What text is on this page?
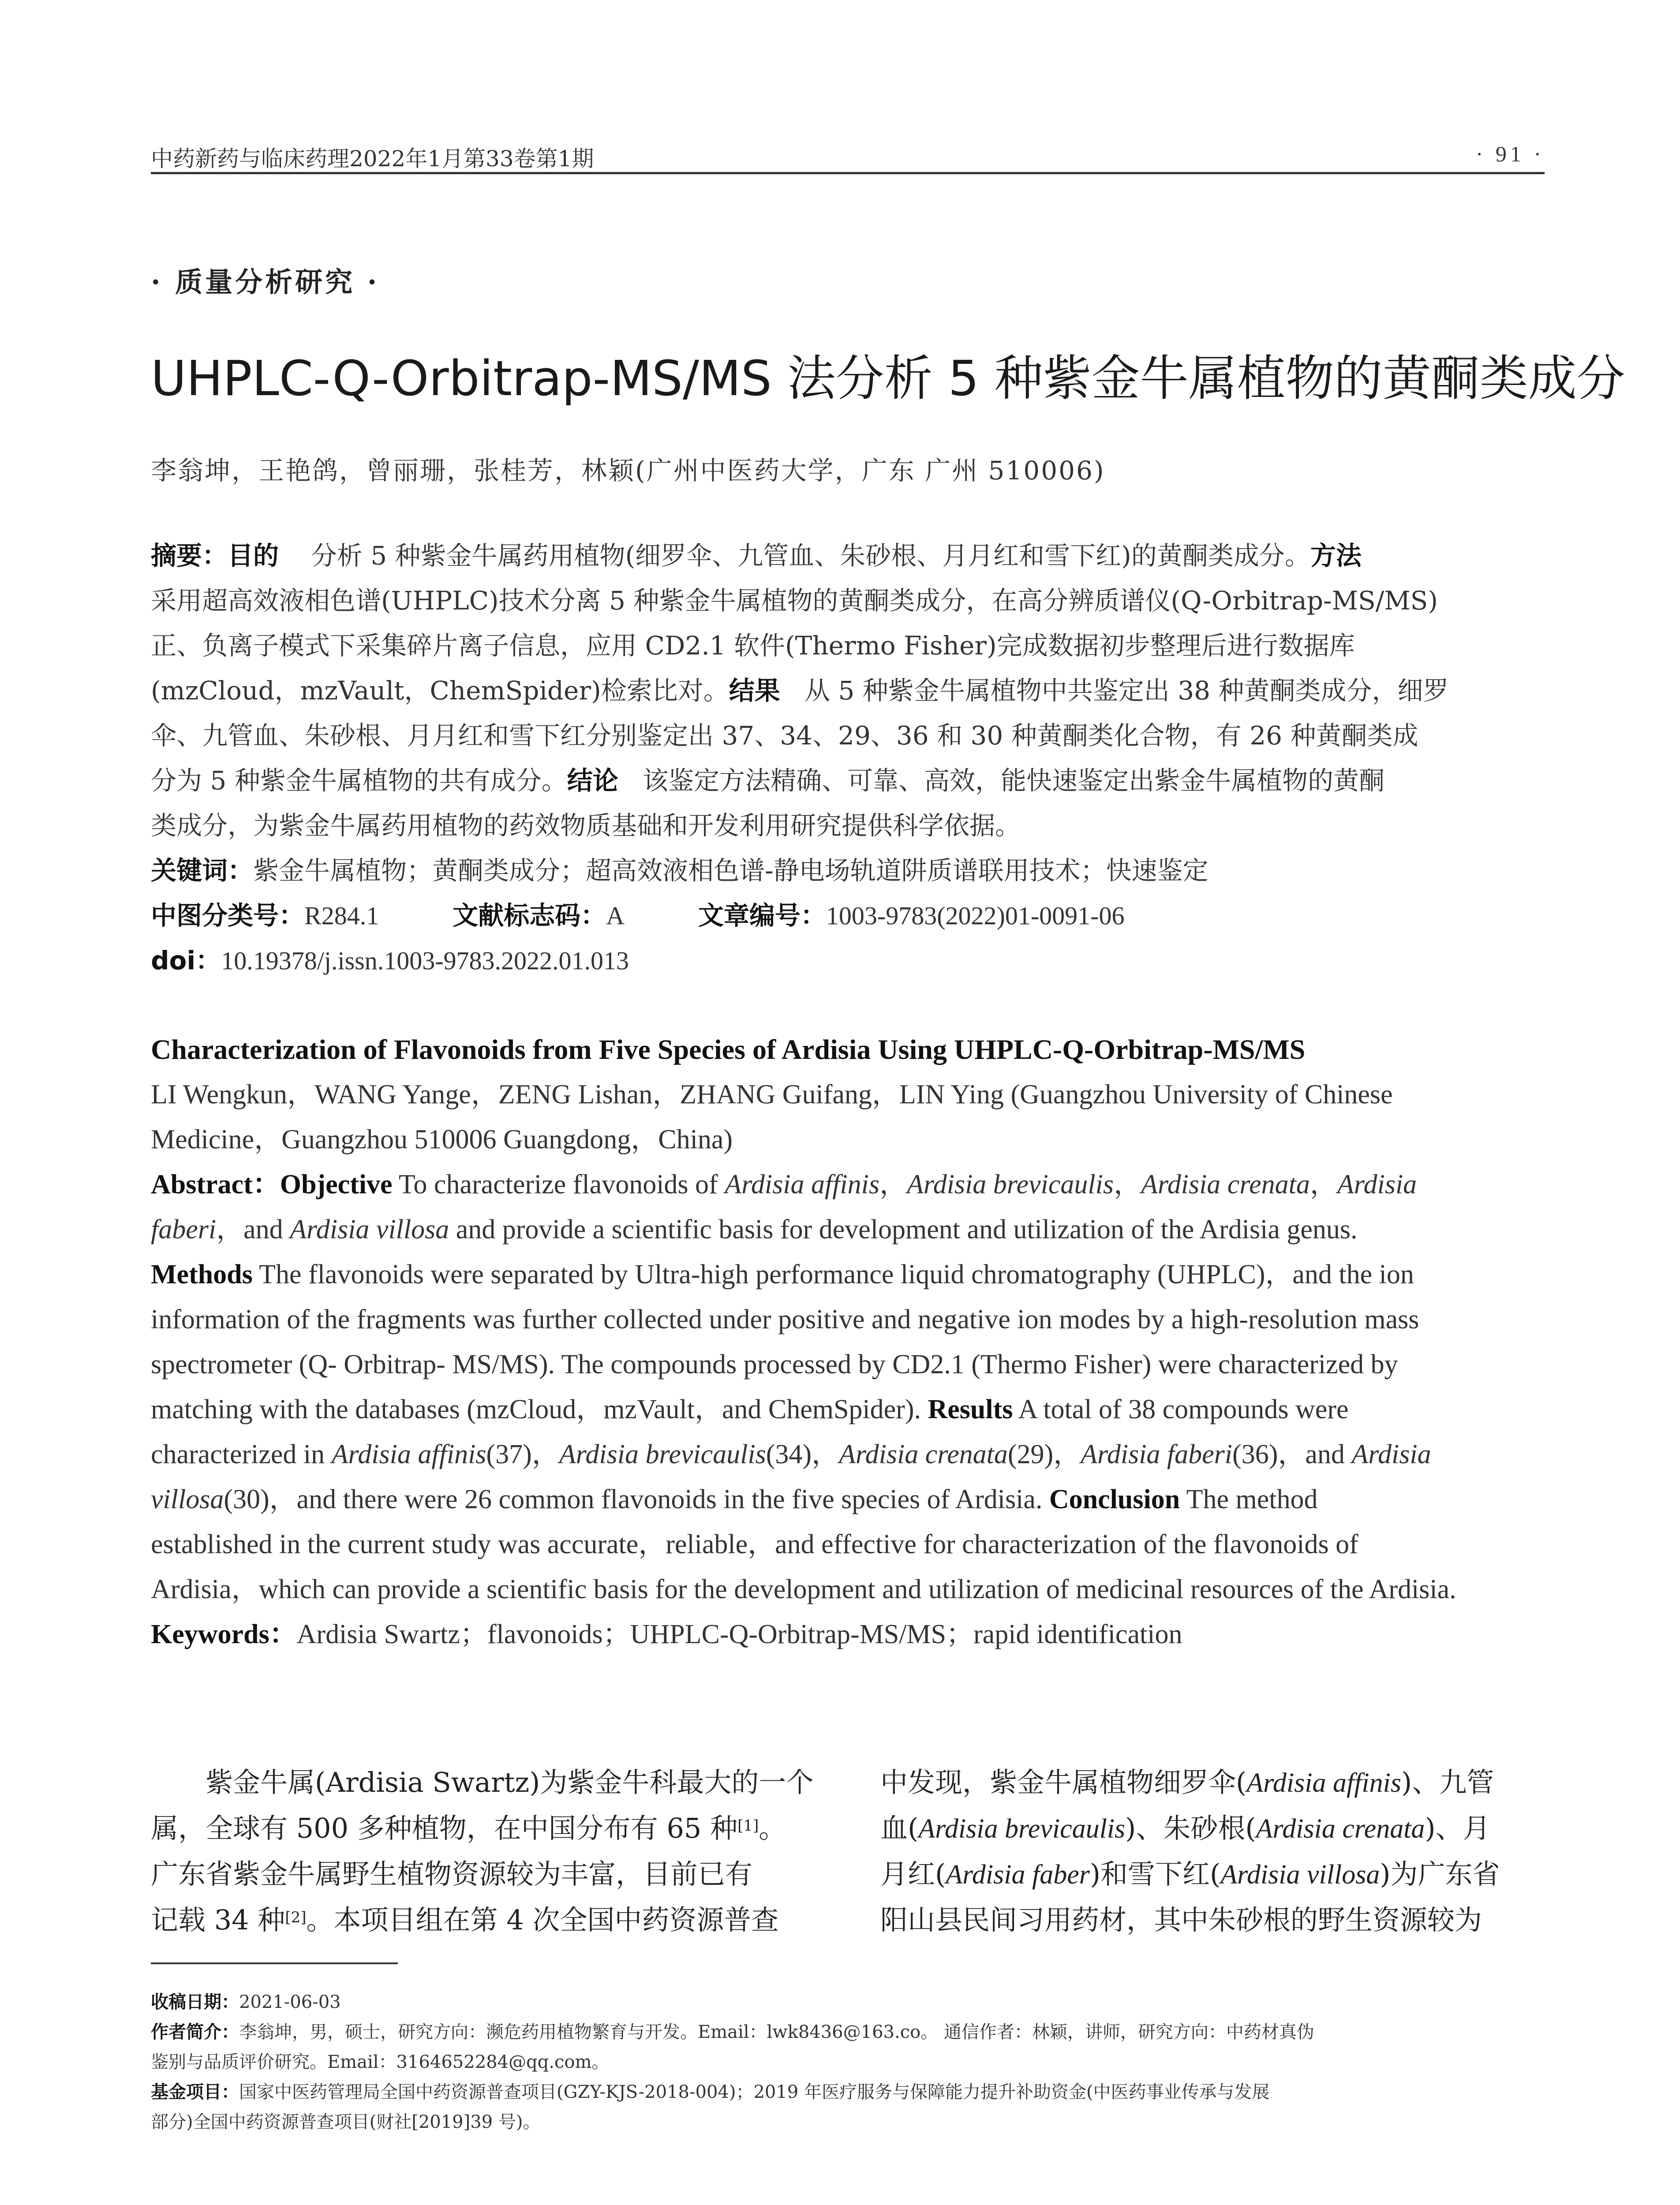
中药新药与临床药理2022年1月第33卷第1期	· 91 ·
· 质量分析研究 ·
UHPLC-Q-Orbitrap-MS/MS 法分析 5 种紫金牛属植物的黄酮类成分
李翁坤，王艳鸽，曾丽珊，张桂芳，林颖(广州中医药大学，广东 广州 510006)
摘要：目的 分析 5 种紫金牛属药用植物(细罗伞、九管血、朱砂根、月月红和雪下红)的黄酮类成分。方法
采用超高效液相色谱(UHPLC)技术分离 5 种紫金牛属植物的黄酮类成分，在高分辨质谱仪(Q-Orbitrap-MS/MS)
正、负离子模式下采集碎片离子信息，应用 CD2.1 软件(Thermo Fisher)完成数据初步整理后进行数据库
(mzCloud，mzVault，ChemSpider)检索比对。结果 从 5 种紫金牛属植物中共鉴定出 38 种黄酮类成分，细罗
伞、九管血、朱砂根、月月红和雪下红分别鉴定出 37、34、29、36 和 30 种黄酮类化合物，有 26 种黄酮类成
分为 5 种紫金牛属植物的共有成分。结论 该鉴定方法精确、可靠、高效，能快速鉴定出紫金牛属植物的黄酮
类成分，为紫金牛属药用植物的药效物质基础和开发利用研究提供科学依据。
关键词：紫金牛属植物；黄酮类成分；超高效液相色谱-静电场轨道阱质谱联用技术；快速鉴定
中图分类号：R284.1	文献标志码：A	文章编号：1003-9783(2022)01-0091-06
doi：10.19378/j.issn.1003-9783.2022.01.013
Characterization of Flavonoids from Five Species of Ardisia Using UHPLC-Q-Orbitrap-MS/MS
LI Wengkun，WANG Yange，ZENG Lishan，ZHANG Guifang，LIN Ying (Guangzhou University of Chinese
Medicine，Guangzhou 510006 Guangdong，China)
Abstract：Objective To characterize flavonoids of Ardisia affinis，Ardisia brevicaulis，Ardisia crenata，Ardisia
faberi，and Ardisia villosa and provide a scientific basis for development and utilization of the Ardisia genus.
Methods The flavonoids were separated by Ultra-high performance liquid chromatography (UHPLC)，and the ion
information of the fragments was further collected under positive and negative ion modes by a high-resolution mass
spectrometer (Q- Orbitrap- MS/MS). The compounds processed by CD2.1 (Thermo Fisher) were characterized by
matching with the databases (mzCloud，mzVault，and ChemSpider). Results A total of 38 compounds were
characterized in Ardisia affinis(37)，Ardisia brevicaulis(34)，Ardisia crenata(29)，Ardisia faberi(36)，and Ardisia
villosa(30)，and there were 26 common flavonoids in the five species of Ardisia. Conclusion The method
established in the current study was accurate，reliable，and effective for characterization of the flavonoids of
Ardisia，which can provide a scientific basis for the development and utilization of medicinal resources of the Ardisia.
Keywords：Ardisia Swartz；flavonoids；UHPLC-Q-Orbitrap-MS/MS；rapid identification
紫金牛属(Ardisia Swartz)为紫金牛科最大的一个
属，全球有 500 多种植物，在中国分布有 65 种[1]。
广东省紫金牛属野生植物资源较为丰富，目前已有
记载 34 种[2]。本项目组在第 4 次全国中药资源普查
中发现，紫金牛属植物细罗伞(Ardisia affinis)、九管
血(Ardisia brevicaulis)、朱砂根(Ardisia crenata)、月
月红(Ardisia faber)和雪下红(Ardisia villosa)为广东省
阳山县民间习用药材，其中朱砂根的野生资源较为
收稿日期：2021-06-03
作者简介：李翁坤，男，硕士，研究方向：濒危药用植物繁育与开发。Email：lwk8436@163.co。 通信作者：林颖，讲师，研究方向：中药材真伪
鉴别与品质评价研究。Email：3164652284@qq.com。
基金项目：国家中医药管理局全国中药资源普查项目(GZY-KJS-2018-004)；2019 年医疗服务与保障能力提升补助资金(中医药事业传承与发展
部分)全国中药资源普查项目(财社[2019]39 号)。
